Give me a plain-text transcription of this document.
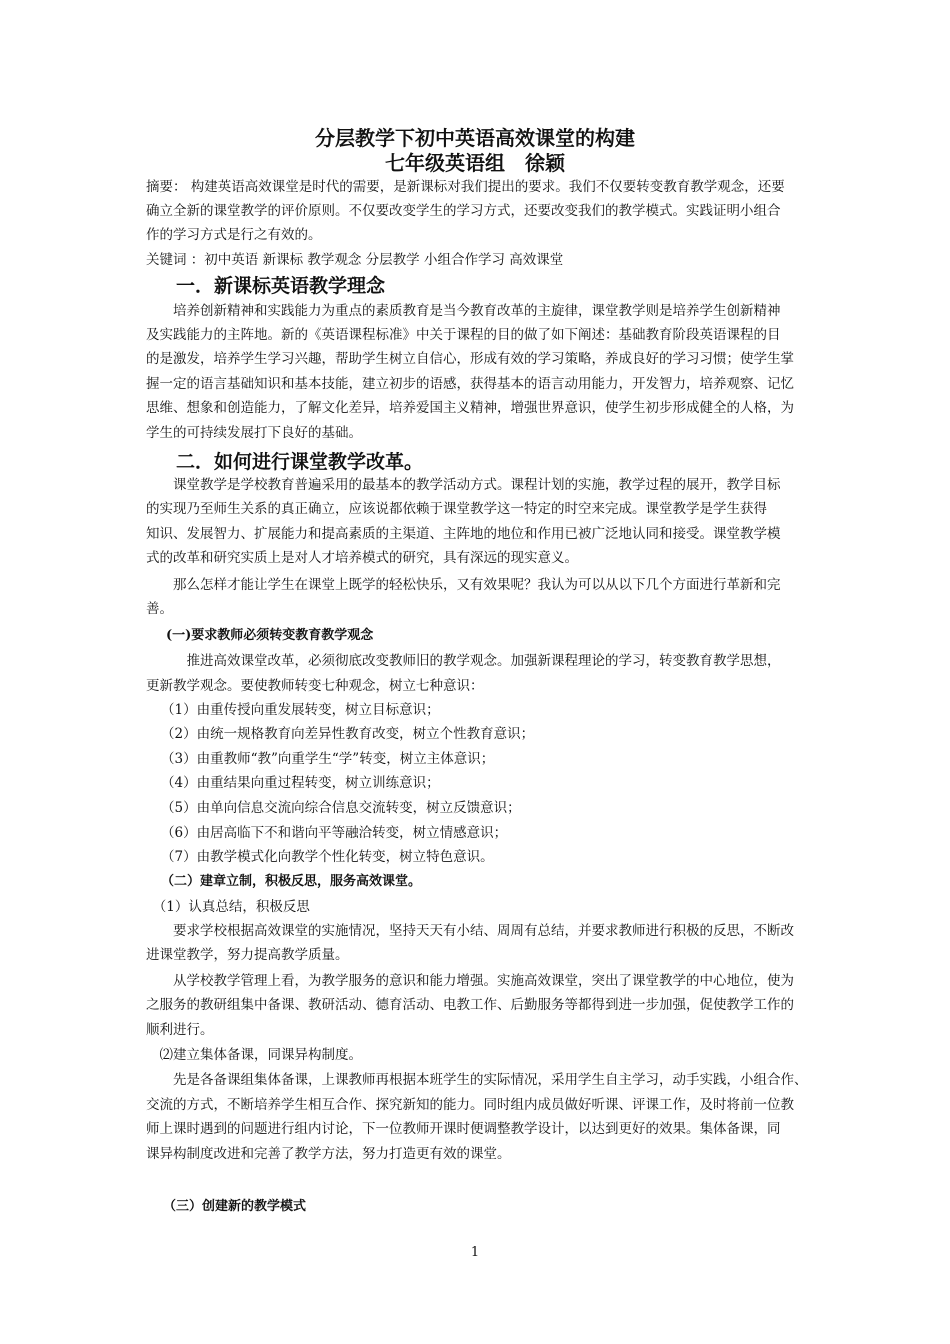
分层教学下初中英语高效课堂的构建
七年级英语组　徐颖
摘要： 构建英语高效课堂是时代的需要，是新课标对我们提出的要求。我们不仅要转变教育教学观念，还要
确立全新的课堂教学的评价原则。不仅要改变学生的学习方式，还要改变我们的教学模式。实践证明小组合
作的学习方式是行之有效的。
关键词 ：初中英语 新课标 教学观念 分层教学 小组合作学习 高效课堂
一．新课标英语教学理念
　　培养创新精神和实践能力为重点的素质教育是当今教育改革的主旋律，课堂教学则是培养学生创新精神
及实践能力的主阵地。新的《英语课程标准》中关于课程的目的做了如下阐述：基础教育阶段英语课程的目
的是激发，培养学生学习兴趣，帮助学生树立自信心，形成有效的学习策略，养成良好的学习习惯；使学生掌
握一定的语言基础知识和基本技能，建立初步的语感，获得基本的语言动用能力，开发智力，培养观察、记忆
思维、想象和创造能力，了解文化差异，培养爱国主义精神，增强世界意识，使学生初步形成健全的人格，为
学生的可持续发展打下良好的基础。
二．如何进行课堂教学改革。
　　课堂教学是学校教育普遍采用的最基本的教学活动方式。课程计划的实施，教学过程的展开，教学目标
的实现乃至师生关系的真正确立，应该说都依赖于课堂教学这一特定的时空来完成。课堂教学是学生获得
知识、发展智力、扩展能力和提高素质的主渠道、主阵地的地位和作用已被广泛地认同和接受。课堂教学模
式的改革和研究实质上是对人才培养模式的研究，具有深远的现实意义。
　　那么怎样才能让学生在课堂上既学的轻松快乐，又有效果呢？我认为可以从以下几个方面进行革新和完
善。
(一)要求教师必须转变教育教学观念
　　　推进高效课堂改革，必须彻底改变教师旧的教学观念。加强新课程理论的学习，转变教育教学思想，
更新教学观念。要使教师转变七种观念，树立七种意识：
（1）由重传授向重发展转变，树立目标意识；
（2）由统一规格教育向差异性教育改变，树立个性教育意识；
（3）由重教师“教”向重学生“学”转变，树立主体意识；
（4）由重结果向重过程转变，树立训练意识；
（5）由单向信息交流向综合信息交流转变，树立反馈意识；
（6）由居高临下不和谐向平等融洽转变，树立情感意识；
（7）由教学模式化向教学个性化转变，树立特色意识。
（二）建章立制，积极反思，服务高效课堂。
　（1）认真总结，积极反思
　　要求学校根据高效课堂的实施情况，坚持天天有小结、周周有总结，并要求教师进行积极的反思，不断改
进课堂教学，努力提高教学质量。
　　从学校教学管理上看，为教学服务的意识和能力增强。实施高效课堂，突出了课堂教学的中心地位，使为
之服务的教研组集中备课、教研活动、德育活动、电教工作、后勤服务等都得到进一步加强，促使教学工作的
顺利进行。
　⑵建立集体备课，同课异构制度。
　　先是各备课组集体备课，上课教师再根据本班学生的实际情况，采用学生自主学习，动手实践，小组合作、
交流的方式，不断培养学生相互合作、探究新知的能力。同时组内成员做好听课、评课工作，及时将前一位教
师上课时遇到的问题进行组内讨论，下一位教师开课时便调整教学设计，以达到更好的效果。集体备课，同
课异构制度改进和完善了教学方法，努力打造更有效的课堂。
（三）创建新的教学模式
1
